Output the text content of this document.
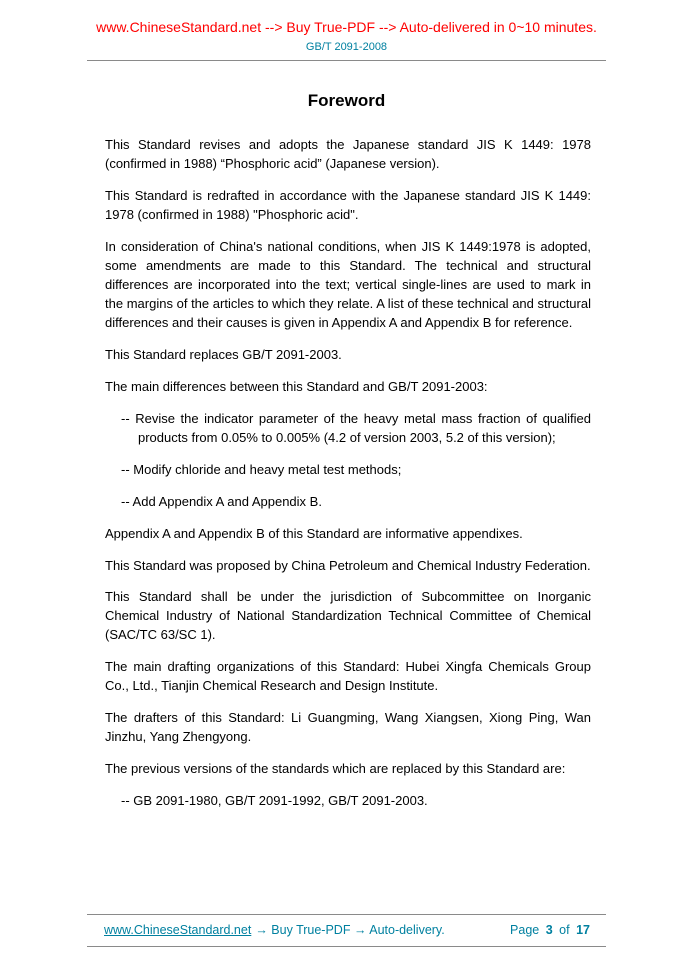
www.ChineseStandard.net --> Buy True-PDF --> Auto-delivered in 0~10 minutes.
GB/T 2091-2008
Foreword

This Standard revises and adopts the Japanese standard JIS K 1449: 1978 (confirmed in 1988) “Phosphoric acid” (Japanese version).

This Standard is redrafted in accordance with the Japanese standard JIS K 1449: 1978 (confirmed in 1988) "Phosphoric acid".

In consideration of China's national conditions, when JIS K 1449:1978 is adopted, some amendments are made to this Standard. The technical and structural differences are incorporated into the text; vertical single-lines are used to mark in the margins of the articles to which they relate. A list of these technical and structural differences and their causes is given in Appendix A and Appendix B for reference.

This Standard replaces GB/T 2091-2003.

The main differences between this Standard and GB/T 2091-2003:

-- Revise the indicator parameter of the heavy metal mass fraction of qualified products from 0.05% to 0.005% (4.2 of version 2003, 5.2 of this version);

-- Modify chloride and heavy metal test methods;

-- Add Appendix A and Appendix B.

Appendix A and Appendix B of this Standard are informative appendixes.

This Standard was proposed by China Petroleum and Chemical Industry Federation.

This Standard shall be under the jurisdiction of Subcommittee on Inorganic Chemical Industry of National Standardization Technical Committee of Chemical (SAC/TC 63/SC 1).

The main drafting organizations of this Standard: Hubei Xingfa Chemicals Group Co., Ltd., Tianjin Chemical Research and Design Institute.

The drafters of this Standard: Li Guangming, Wang Xiangsen, Xiong Ping, Wan Jinzhu, Yang Zhengyong.

The previous versions of the standards which are replaced by this Standard are:

-- GB 2091-1980, GB/T 2091-1992, GB/T 2091-2003.

www.ChineseStandard.net → Buy True-PDF → Auto-delivery.	Page 3 of 17
